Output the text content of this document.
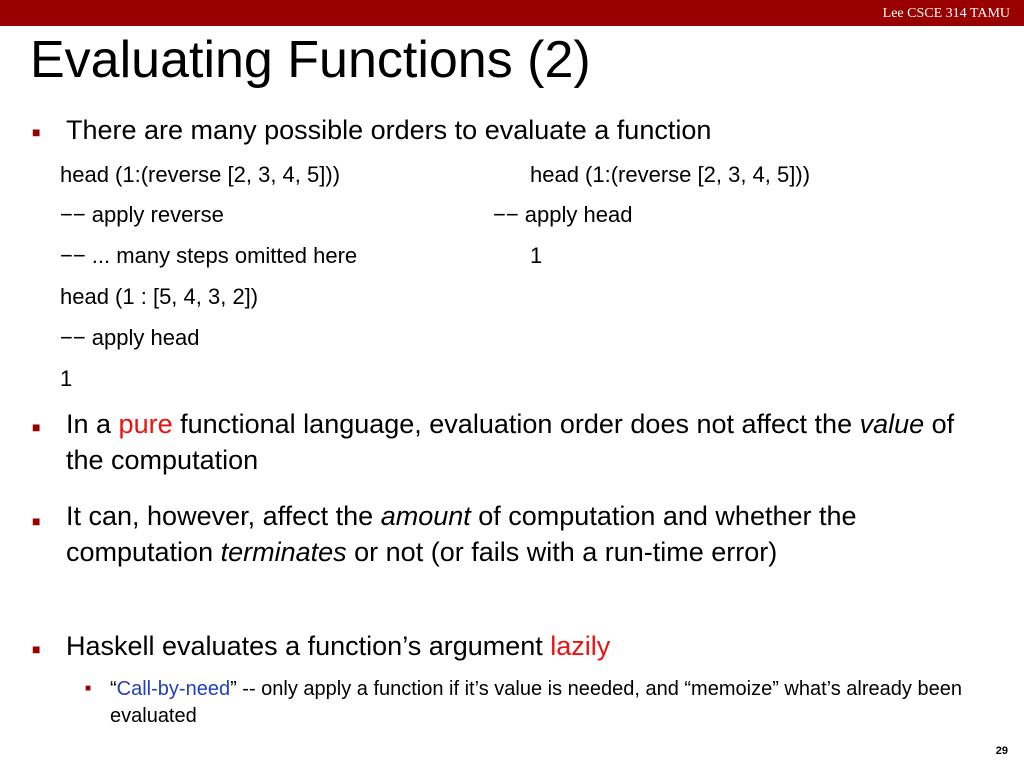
Lee CSCE 314 TAMU
Evaluating Functions (2)
■ There are many possible orders to evaluate a function
head (1:(reverse [2, 3, 4, 5]))
−− apply reverse
−− ... many steps omitted here
head (1 : [5, 4, 3, 2])
−− apply head
1
head (1:(reverse [2, 3, 4, 5]))
−− apply head
1
■ In a pure functional language, evaluation order does not affect the value of the computation
■ It can, however, affect the amount of computation and whether the computation terminates or not (or fails with a run-time error)
■ Haskell evaluates a function’s argument lazily
■ “Call-by-need” -- only apply a function if it’s value is needed, and “memoize” what’s already been evaluated
29
